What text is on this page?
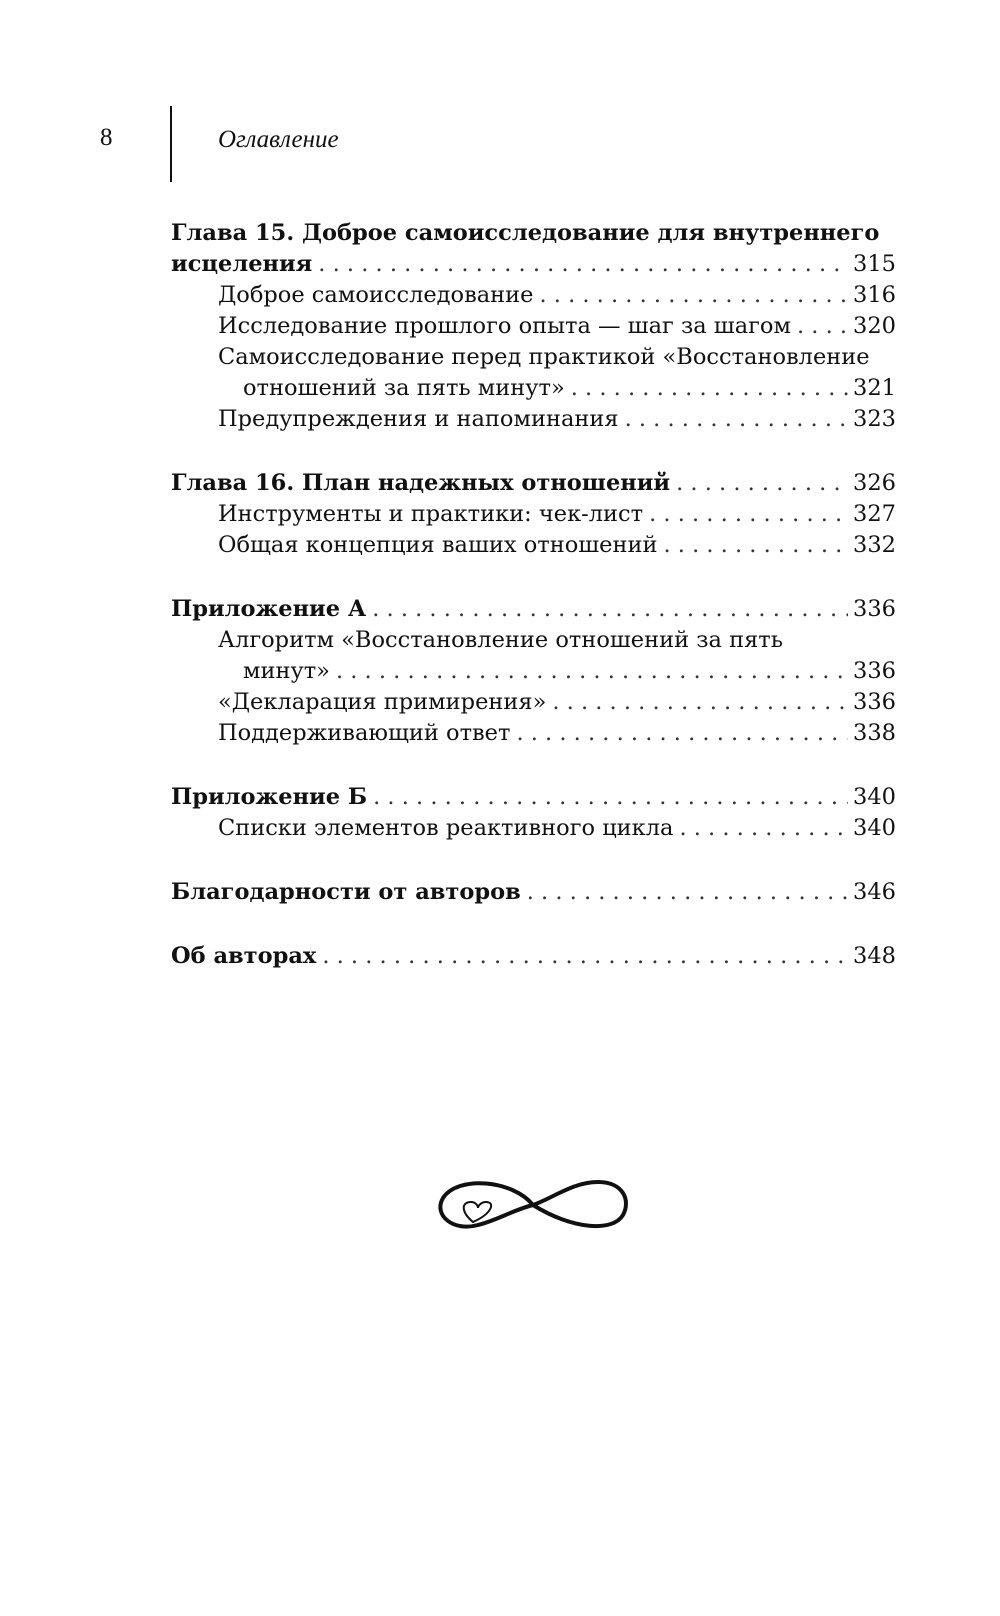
8	Оглавление
Глава 15. Доброе самоисследование для внутреннего
исцеления . . .	315
Доброе самоисследование . . .	316
Исследование прошлого опыта — шаг за шагом . . .	320
Самоисследование перед практикой «Восстановление
отношений за пять минут» . . .	321
Предупреждения и напоминания . . .	323
Глава 16. План надежных отношений . . .	326
Инструменты и практики: чек-лист . . .	327
Общая концепция ваших отношений . . .	332
Приложение А . . .	336
Алгоритм «Восстановление отношений за пять
минут» . . .	336
«Декларация примирения» . . .	336
Поддерживающий ответ . . .	338
Приложение Б . . .	340
Списки элементов реактивного цикла . . .	340
Благодарности от авторов . . .	346
Об авторах . . .	348
